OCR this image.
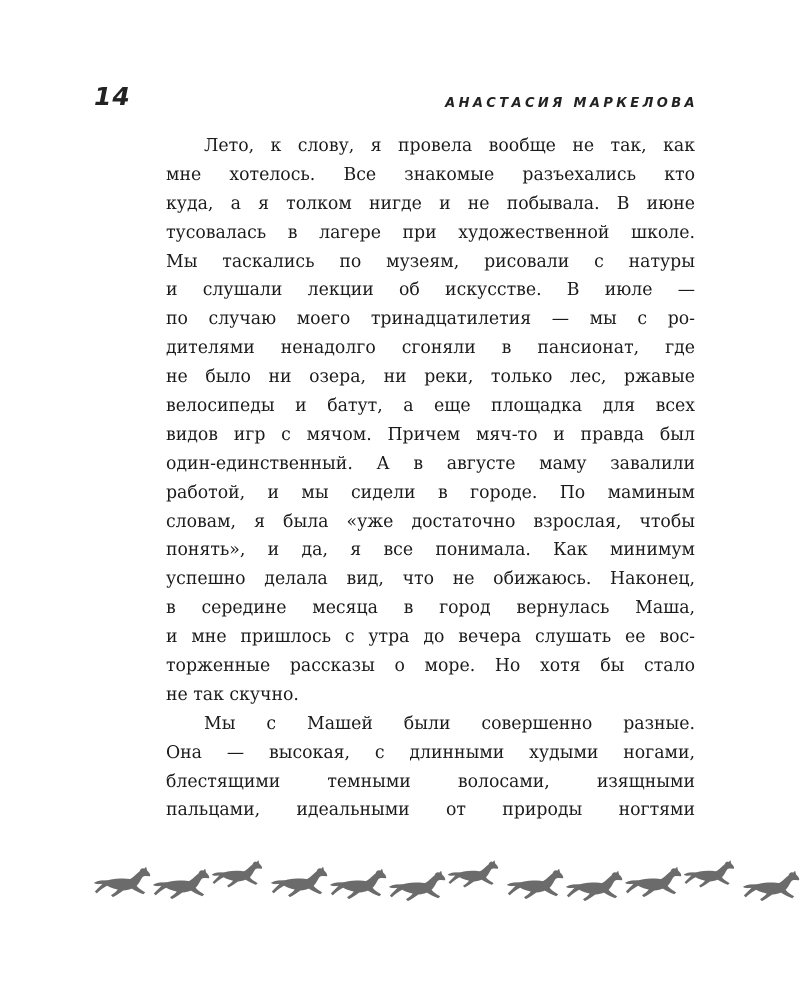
14	АНАСТАСИЯ МАРКЕЛОВА
Лето, к слову, я провела вообще не так, как
мне хотелось. Все знакомые разъехались кто
куда, а я толком нигде и не побывала. В июне
тусовалась в лагере при художественной школе.
Мы таскались по музеям, рисовали с натуры
и слушали лекции об искусстве. В июле —
по случаю моего тринадцатилетия — мы с ро-
дителями ненадолго сгоняли в пансионат, где
не было ни озера, ни реки, только лес, ржавые
велосипеды и батут, а еще площадка для всех
видов игр с мячом. Причем мяч-то и правда был
один-единственный. А в августе маму завалили
работой, и мы сидели в городе. По маминым
словам, я была «уже достаточно взрослая, чтобы
понять», и да, я все понимала. Как минимум
успешно делала вид, что не обижаюсь. Наконец,
в середине месяца в город вернулась Маша,
и мне пришлось с утра до вечера слушать ее вос-
торженные рассказы о море. Но хотя бы стало
не так скучно.
Мы с Машей были совершенно разные.
Она — высокая, с длинными худыми ногами,
блестящими темными волосами, изящными
пальцами, идеальными от природы ногтями
